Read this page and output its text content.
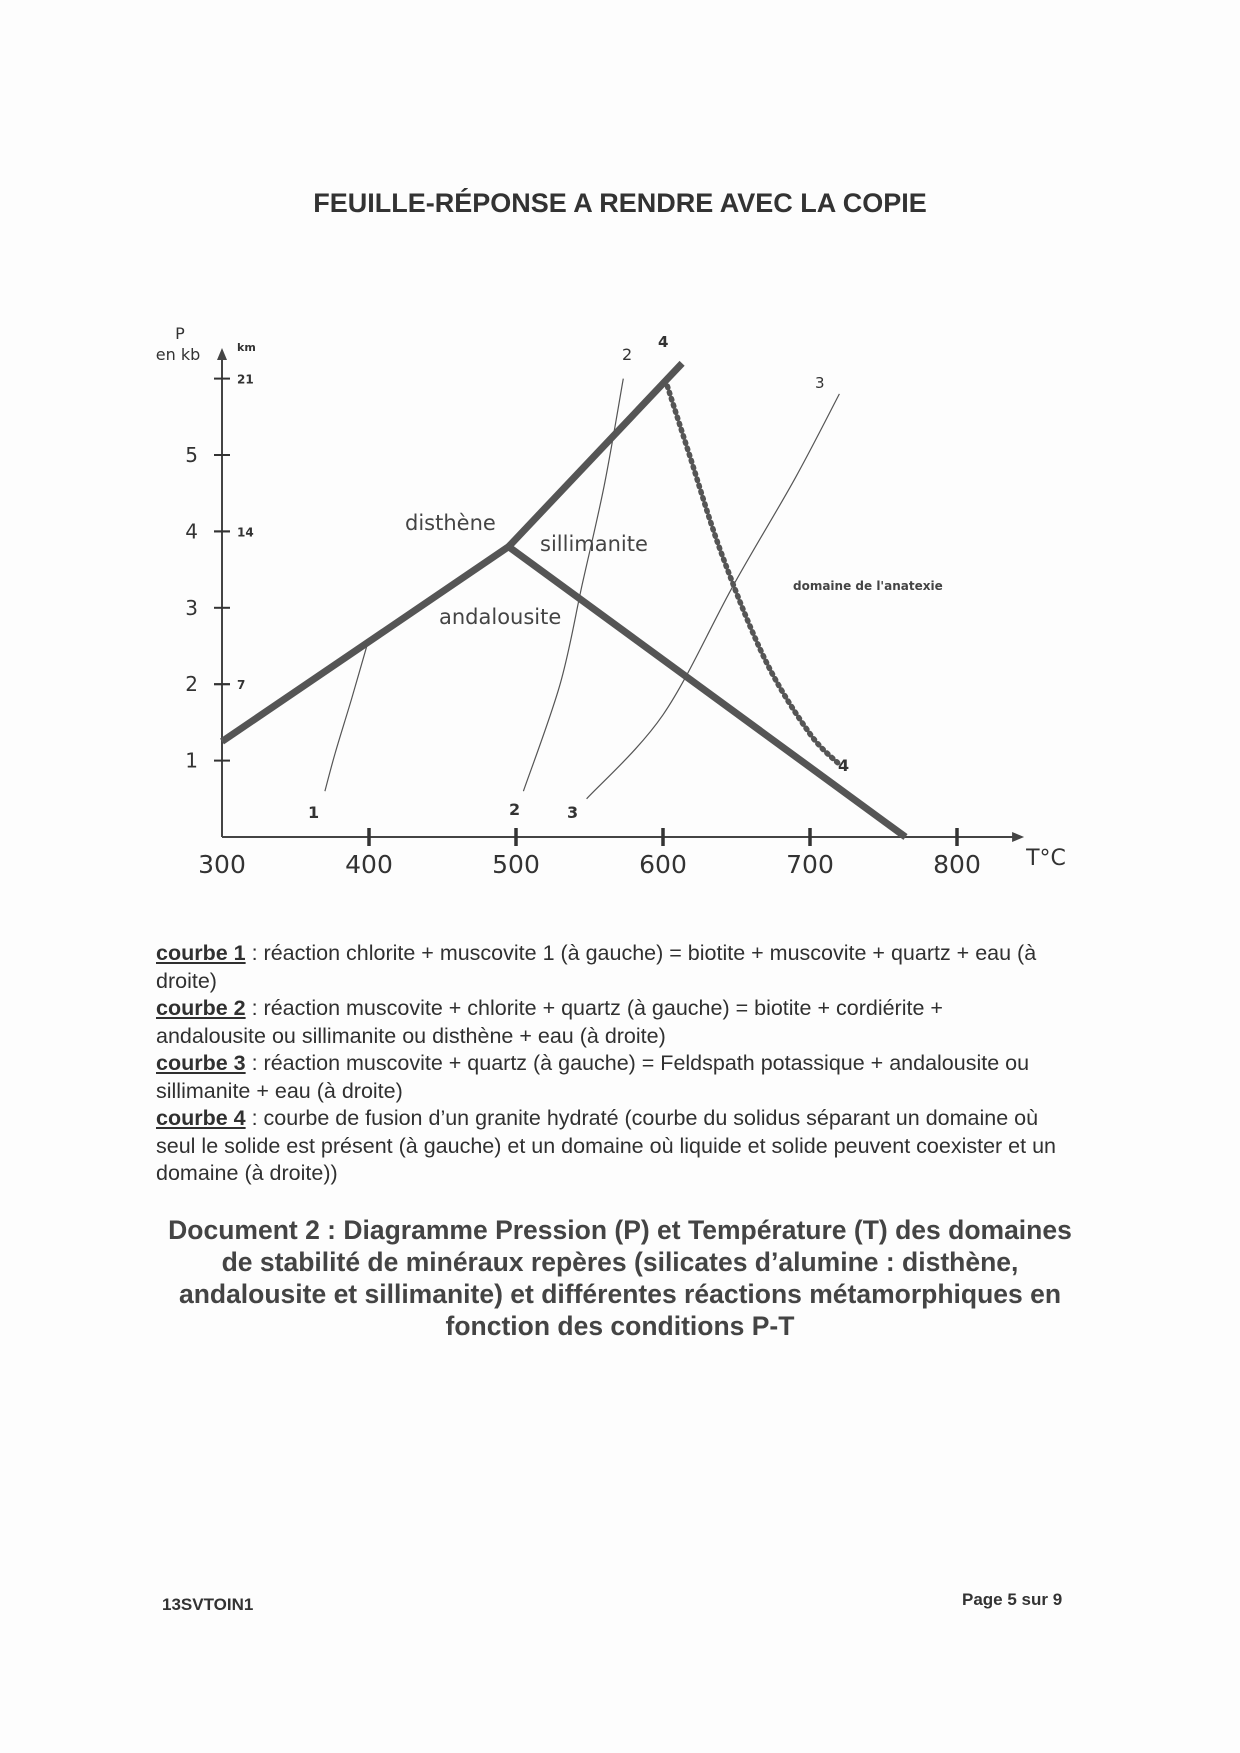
FEUILLE-RÉPONSE A RENDRE AVEC LA COPIE
300	400	500	600	700	800
1
2
3
4
5
21
14
7
P
en kb	km
T°C
disthène
sillimanite
andalousite
domaine de l'anatexie
1
2
2
3
3
4
4

courbe 1 : réaction chlorite + muscovite 1 (à gauche) = biotite + muscovite + quartz + eau (à droite)

courbe 2 : réaction muscovite + chlorite + quartz (à gauche) = biotite + cordiérite + andalousite ou sillimanite ou disthène + eau (à droite)

courbe 3 : réaction muscovite + quartz (à gauche) = Feldspath potassique + andalousite ou sillimanite + eau (à droite)

courbe 4 : courbe de fusion d’un granite hydraté (courbe du solidus séparant un domaine où seul le solide est présent (à gauche) et un domaine où liquide et solide peuvent coexister et un domaine (à droite))

Document 2 : Diagramme Pression (P) et Température (T) des domaines de stabilité de minéraux repères (silicates d’alumine : disthène, andalousite et sillimanite) et différentes réactions métamorphiques en fonction des conditions P-T
13SVTOIN1	Page 5 sur 9
